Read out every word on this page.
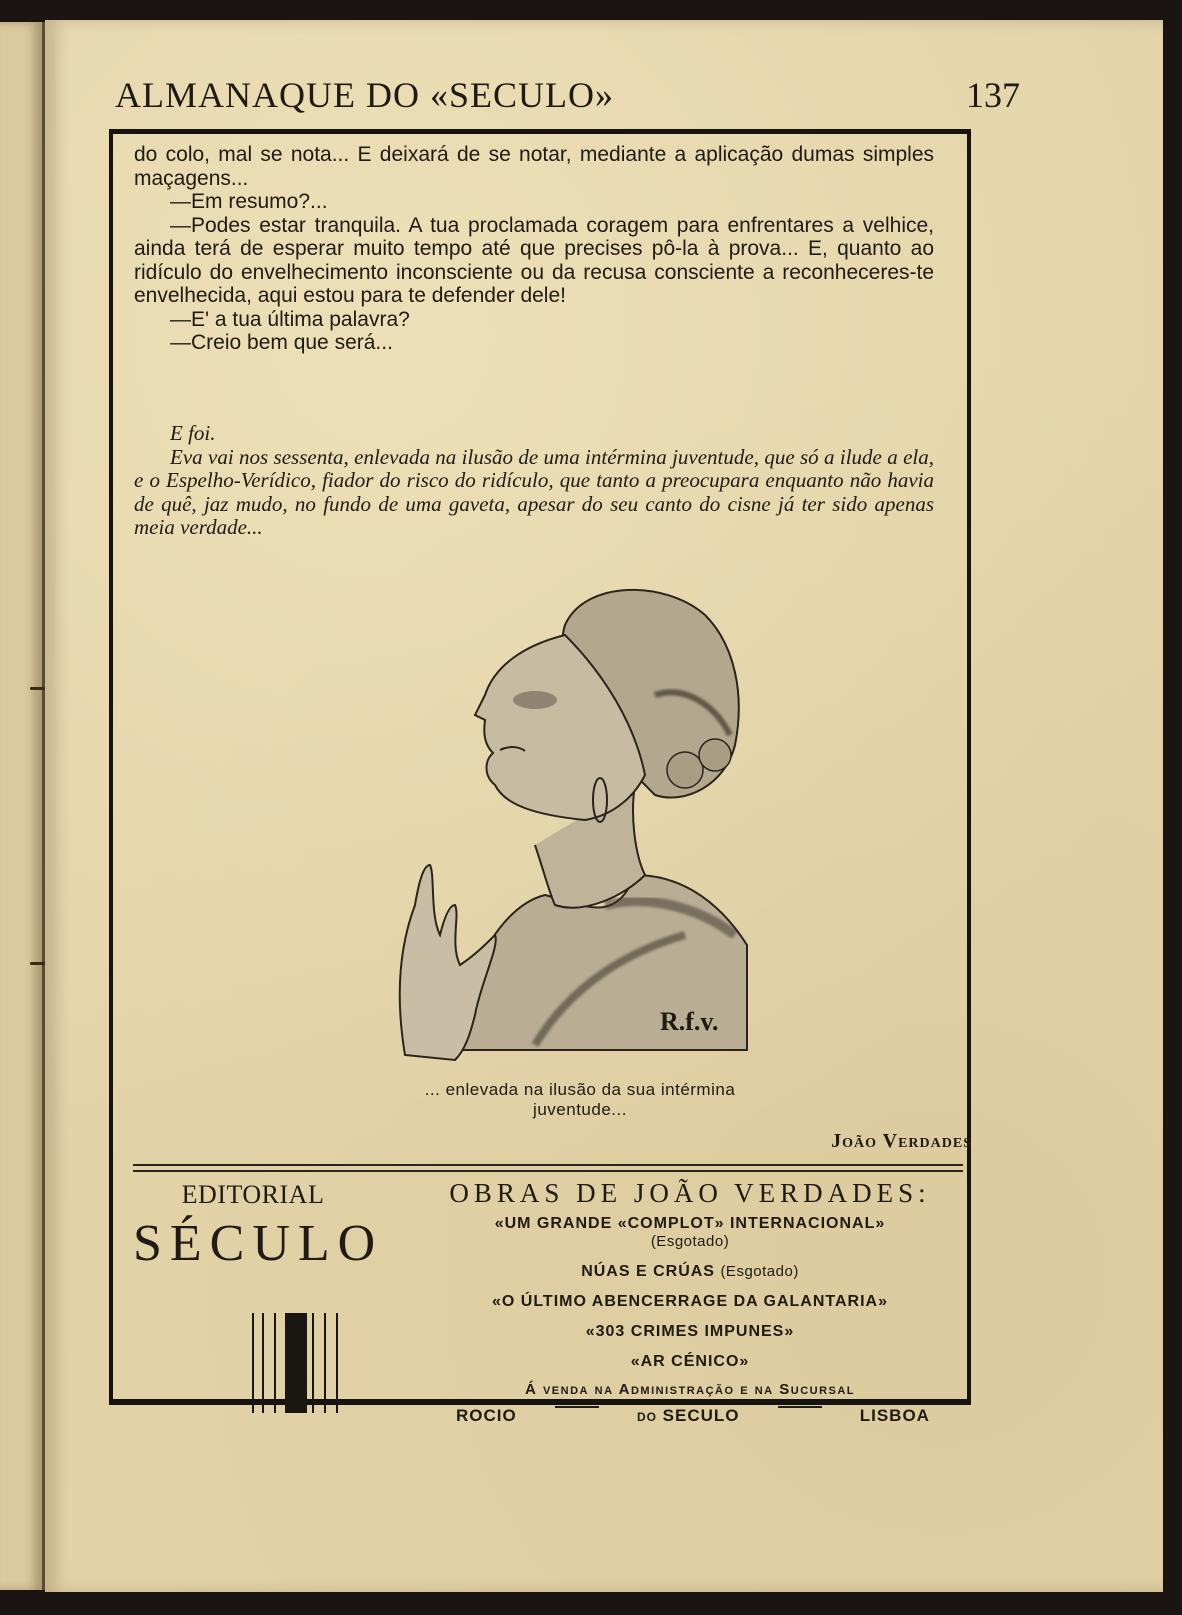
ALMANAQUE DO «SECULO»	137

do colo, mal se nota... E deixará de se notar, mediante a aplicação dumas simples maçagens...

—Em resumo?...

—Podes estar tranquila. A tua proclamada coragem para enfrentares a velhice, ainda terá de esperar muito tempo até que precises pô-la à prova... E, quanto ao ridículo do envelhecimento inconsciente ou da recusa consciente a reconheceres-te envelhecida, aqui estou para te defender dele!

—E' a tua última palavra?

—Creio bem que será...

E foi.

Eva vai nos sessenta, enlevada na ilusão de uma intérmina juventude, que só a ilude a ela, e o Espelho-Verídico, fiador do risco do ridículo, que tanto a preocupara enquanto não havia de quê, jaz mudo, no fundo de uma gaveta, apesar do seu canto do cisne já ter sido apenas meia verdade...

R.f.v.
... enlevada na ilusão da sua intérmina
juventude...
João Verdades
EDITORIAL
SÉCULO
OBRAS DE JOÃO VERDADES:
«UM GRANDE «COMPLOT» INTERNACIONAL»
(Esgotado)
NÚAS E CRÚAS (Esgotado)
«O ÚLTIMO ABENCERRAGE DA GALANTARIA»
«303 CRIMES IMPUNES»
«AR CÉNICO»
Á venda na Administração e na Sucursal
ROCIO	do SECULO	LISBOA
